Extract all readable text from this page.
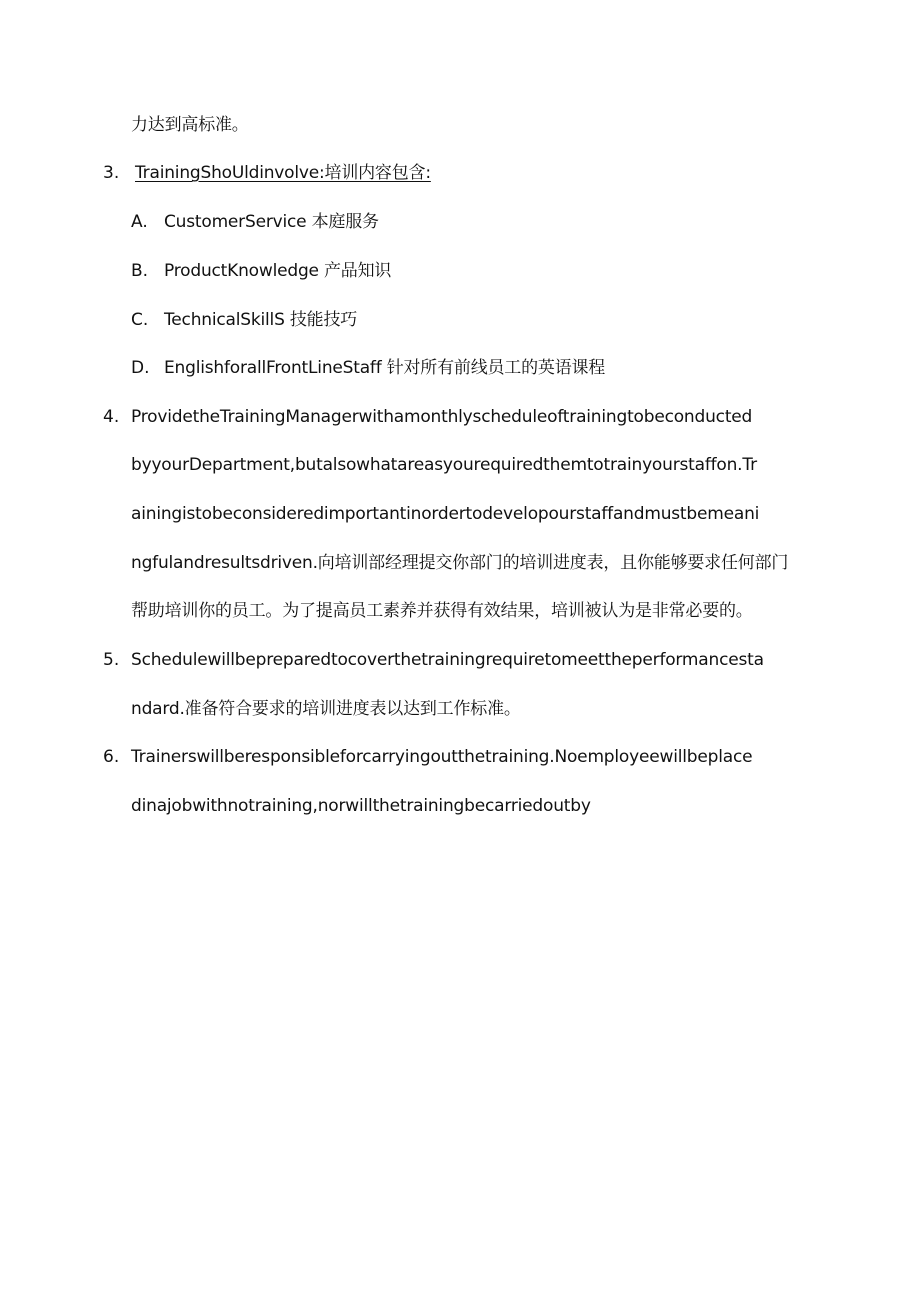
力达到高标准。
3. TrainingShoUldinvolve:培训内容包含:
A. CustomerService 本庭服务
B. ProductKnowledge 产品知识
C. TechnicalSkillS 技能技巧
D. EnglishforallFrontLineStaff 针对所有前线员工的英语课程
4. ProvidetheTrainingManagerwithamonthlyscheduleoftrainingtobeconducted
byyourDepartment,butalsowhatareasyourequiredthemtotrainyourstaffon.Tr
ainingistobeconsideredimportantinordertodevelopourstaffandmustbemeani
ngfulandresultsdriven.向培训部经理提交你部门的培训进度表，且你能够要求任何部门
帮助培训你的员工。为了提高员工素养并获得有效结果，培训被认为是非常必要的。
5. Schedulewillbepreparedtocoverthetrainingrequiretomeettheperformancesta
ndard.准备符合要求的培训进度表以达到工作标准。
6. Trainerswillberesponsibleforcarryingoutthetraining.Noemployeewillbeplace
dinajobwithnotraining,norwillthetrainingbecarriedoutby
